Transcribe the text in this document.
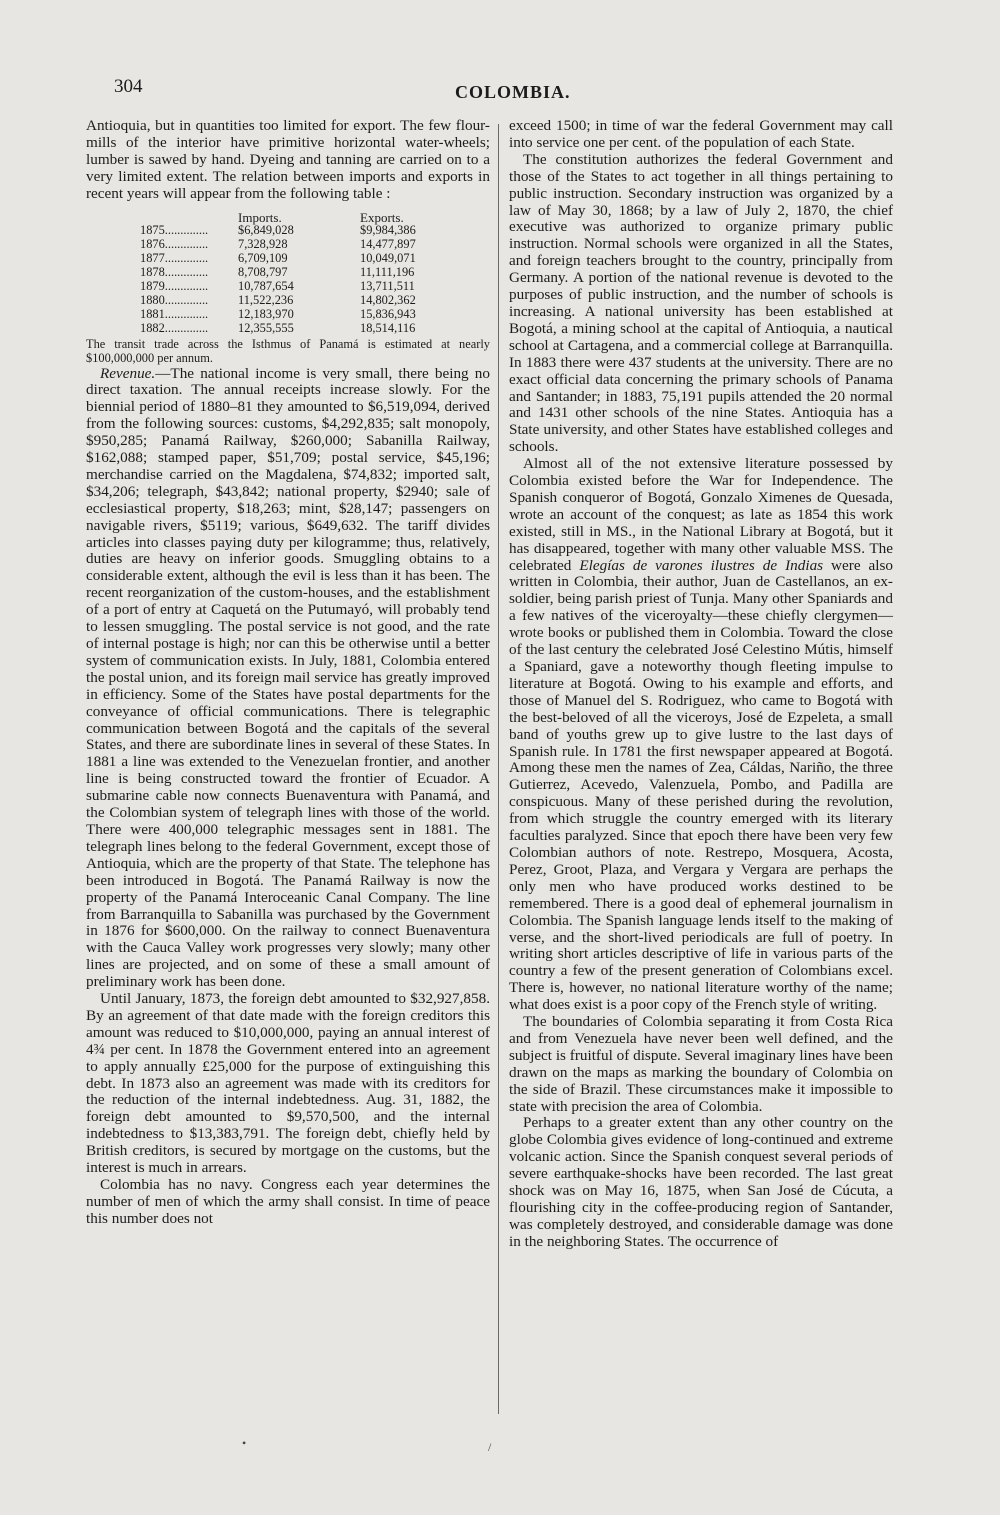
304	COLOMBIA.

Antioquia, but in quantities too limited for export. The few flour-mills of the interior have primitive horizontal water-wheels; lumber is sawed by hand. Dyeing and tanning are carried on to a very limited extent. The relation between imports and exports in recent years will appear from the following table :

	Imports.	Exports.
1875..............	$6,849,028	$9,984,386
1876..............	7,328,928	14,477,897
1877..............	6,709,109	10,049,071
1878..............	8,708,797	11,111,196
1879..............	10,787,654	13,711,511
1880..............	11,522,236	14,802,362
1881..............	12,183,970	15,836,943
1882..............	12,355,555	18,514,116

The transit trade across the Isthmus of Panamá is estimated at nearly $100,000,000 per annum.

Revenue.—The national income is very small, there being no direct taxation. The annual receipts increase slowly. For the biennial period of 1880–81 they amounted to $6,519,094, derived from the following sources: customs, $4,292,835; salt monopoly, $950,285; Panamá Railway, $260,000; Sabanilla Railway, $162,088; stamped paper, $51,709; postal service, $45,196; merchandise carried on the Magdalena, $74,832; imported salt, $34,206; telegraph, $43,842; national property, $2940; sale of ecclesiastical property, $18,263; mint, $28,147; passengers on navigable rivers, $5119; various, $649,632. The tariff divides articles into classes paying duty per kilogramme; thus, relatively, duties are heavy on inferior goods. Smuggling obtains to a considerable extent, although the evil is less than it has been. The recent reorganization of the custom-houses, and the establishment of a port of entry at Caquetá on the Putumayó, will probably tend to lessen smuggling. The postal service is not good, and the rate of internal postage is high; nor can this be otherwise until a better system of communication exists. In July, 1881, Colombia entered the postal union, and its foreign mail service has greatly improved in efficiency. Some of the States have postal departments for the conveyance of official communications. There is telegraphic communication between Bogotá and the capitals of the several States, and there are subordinate lines in several of these States. In 1881 a line was extended to the Venezuelan frontier, and another line is being constructed toward the frontier of Ecuador. A submarine cable now connects Buenaventura with Panamá, and the Colombian system of telegraph lines with those of the world. There were 400,000 telegraphic messages sent in 1881. The telegraph lines belong to the federal Government, except those of Antioquia, which are the property of that State. The telephone has been introduced in Bogotá. The Panamá Railway is now the property of the Panamá Interoceanic Canal Company. The line from Barranquilla to Sabanilla was purchased by the Government in 1876 for $600,000. On the railway to connect Buenaventura with the Cauca Valley work progresses very slowly; many other lines are projected, and on some of these a small amount of preliminary work has been done.

Until January, 1873, the foreign debt amounted to $32,927,858. By an agreement of that date made with the foreign creditors this amount was reduced to $10,000,000, paying an annual interest of 4¾ per cent. In 1878 the Government entered into an agreement to apply annually £25,000 for the purpose of extinguishing this debt. In 1873 also an agreement was made with its creditors for the reduction of the internal indebtedness. Aug. 31, 1882, the foreign debt amounted to $9,570,500, and the internal indebtedness to $13,383,791. The foreign debt, chiefly held by British creditors, is secured by mortgage on the customs, but the interest is much in arrears.

Colombia has no navy. Congress each year determines the number of men of which the army shall consist. In time of peace this number does not

exceed 1500; in time of war the federal Government may call into service one per cent. of the population of each State.

The constitution authorizes the federal Government and those of the States to act together in all things pertaining to public instruction. Secondary instruction was organized by a law of May 30, 1868; by a law of July 2, 1870, the chief executive was authorized to organize primary public instruction. Normal schools were organized in all the States, and foreign teachers brought to the country, principally from Germany. A portion of the national revenue is devoted to the purposes of public instruction, and the number of schools is increasing. A national university has been established at Bogotá, a mining school at the capital of Antioquia, a nautical school at Cartagena, and a commercial college at Barranquilla. In 1883 there were 437 students at the university. There are no exact official data concerning the primary schools of Panama and Santander; in 1883, 75,191 pupils attended the 20 normal and 1431 other schools of the nine States. Antioquia has a State university, and other States have established colleges and schools.

Almost all of the not extensive literature possessed by Colombia existed before the War for Independence. The Spanish conqueror of Bogotá, Gonzalo Ximenes de Quesada, wrote an account of the conquest; as late as 1854 this work existed, still in MS., in the National Library at Bogotá, but it has disappeared, together with many other valuable MSS. The celebrated Elegías de varones ilustres de Indias were also written in Colombia, their author, Juan de Castellanos, an ex-soldier, being parish priest of Tunja. Many other Spaniards and a few natives of the viceroyalty—these chiefly clergymen—wrote books or published them in Colombia. Toward the close of the last century the celebrated José Celestino Mútis, himself a Spaniard, gave a noteworthy though fleeting impulse to literature at Bogotá. Owing to his example and efforts, and those of Manuel del S. Rodriguez, who came to Bogotá with the best-beloved of all the viceroys, José de Ezpeleta, a small band of youths grew up to give lustre to the last days of Spanish rule. In 1781 the first newspaper appeared at Bogotá. Among these men the names of Zea, Cáldas, Nariño, the three Gutierrez, Acevedo, Valenzuela, Pombo, and Padilla are conspicuous. Many of these perished during the revolution, from which struggle the country emerged with its literary faculties paralyzed. Since that epoch there have been very few Colombian authors of note. Restrepo, Mosquera, Acosta, Perez, Groot, Plaza, and Vergara y Vergara are perhaps the only men who have produced works destined to be remembered. There is a good deal of ephemeral journalism in Colombia. The Spanish language lends itself to the making of verse, and the short-lived periodicals are full of poetry. In writing short articles descriptive of life in various parts of the country a few of the present generation of Colombians excel. There is, however, no national literature worthy of the name; what does exist is a poor copy of the French style of writing.

The boundaries of Colombia separating it from Costa Rica and from Venezuela have never been well defined, and the subject is fruitful of dispute. Several imaginary lines have been drawn on the maps as marking the boundary of Colombia on the side of Brazil. These circumstances make it impossible to state with precision the area of Colombia.

Perhaps to a greater extent than any other country on the globe Colombia gives evidence of long-continued and extreme volcanic action. Since the Spanish conquest several periods of severe earthquake-shocks have been recorded. The last great shock was on May 16, 1875, when San José de Cúcuta, a flourishing city in the coffee-producing region of Santander, was completely destroyed, and considerable damage was done in the neighboring States. The occurrence of

•	/
